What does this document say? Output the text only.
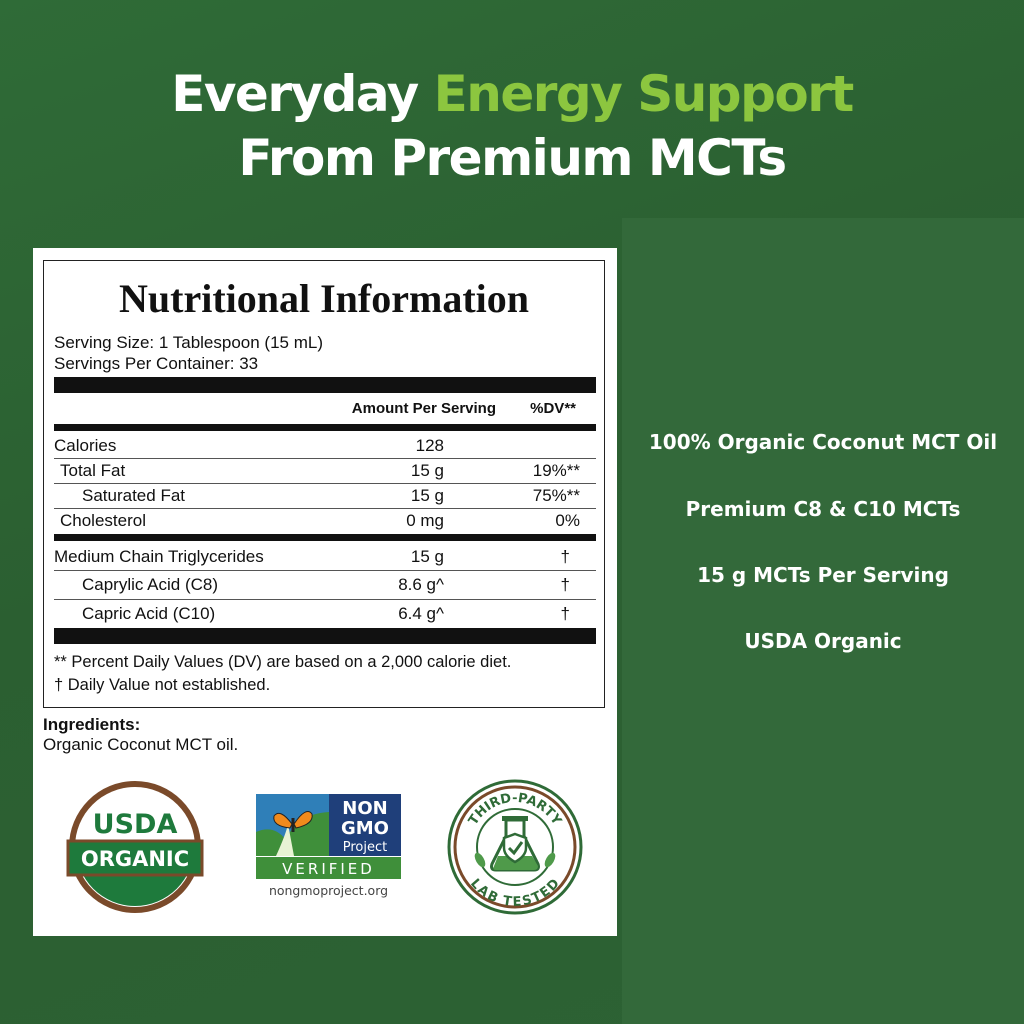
Everyday Energy Support
From Premium MCTs
Nutritional Information
Serving Size: 1 Tablespoon (15 mL)
Servings Per Container: 33
Amount Per Serving	%DV**
Calories	128
Total Fat	15 g	19%**
Saturated Fat	15 g	75%**
Cholesterol	0 mg	0%
Medium Chain Triglycerides	15 g	†
Caprylic Acid (C8)	8.6 g^	†
Capric Acid (C10)	6.4 g^	†
** Percent Daily Values (DV) are based on a 2,000 calorie diet.
† Daily Value not established.
Ingredients:
Organic Coconut MCT oil.
USDA
ORGANIC
NON
GMO
Project
VERIFIED
nongmoproject.org
THIRD-PARTY
LAB TESTED
100% Organic Coconut MCT Oil
Premium C8 & C10 MCTs
15 g MCTs Per Serving
USDA Organic
